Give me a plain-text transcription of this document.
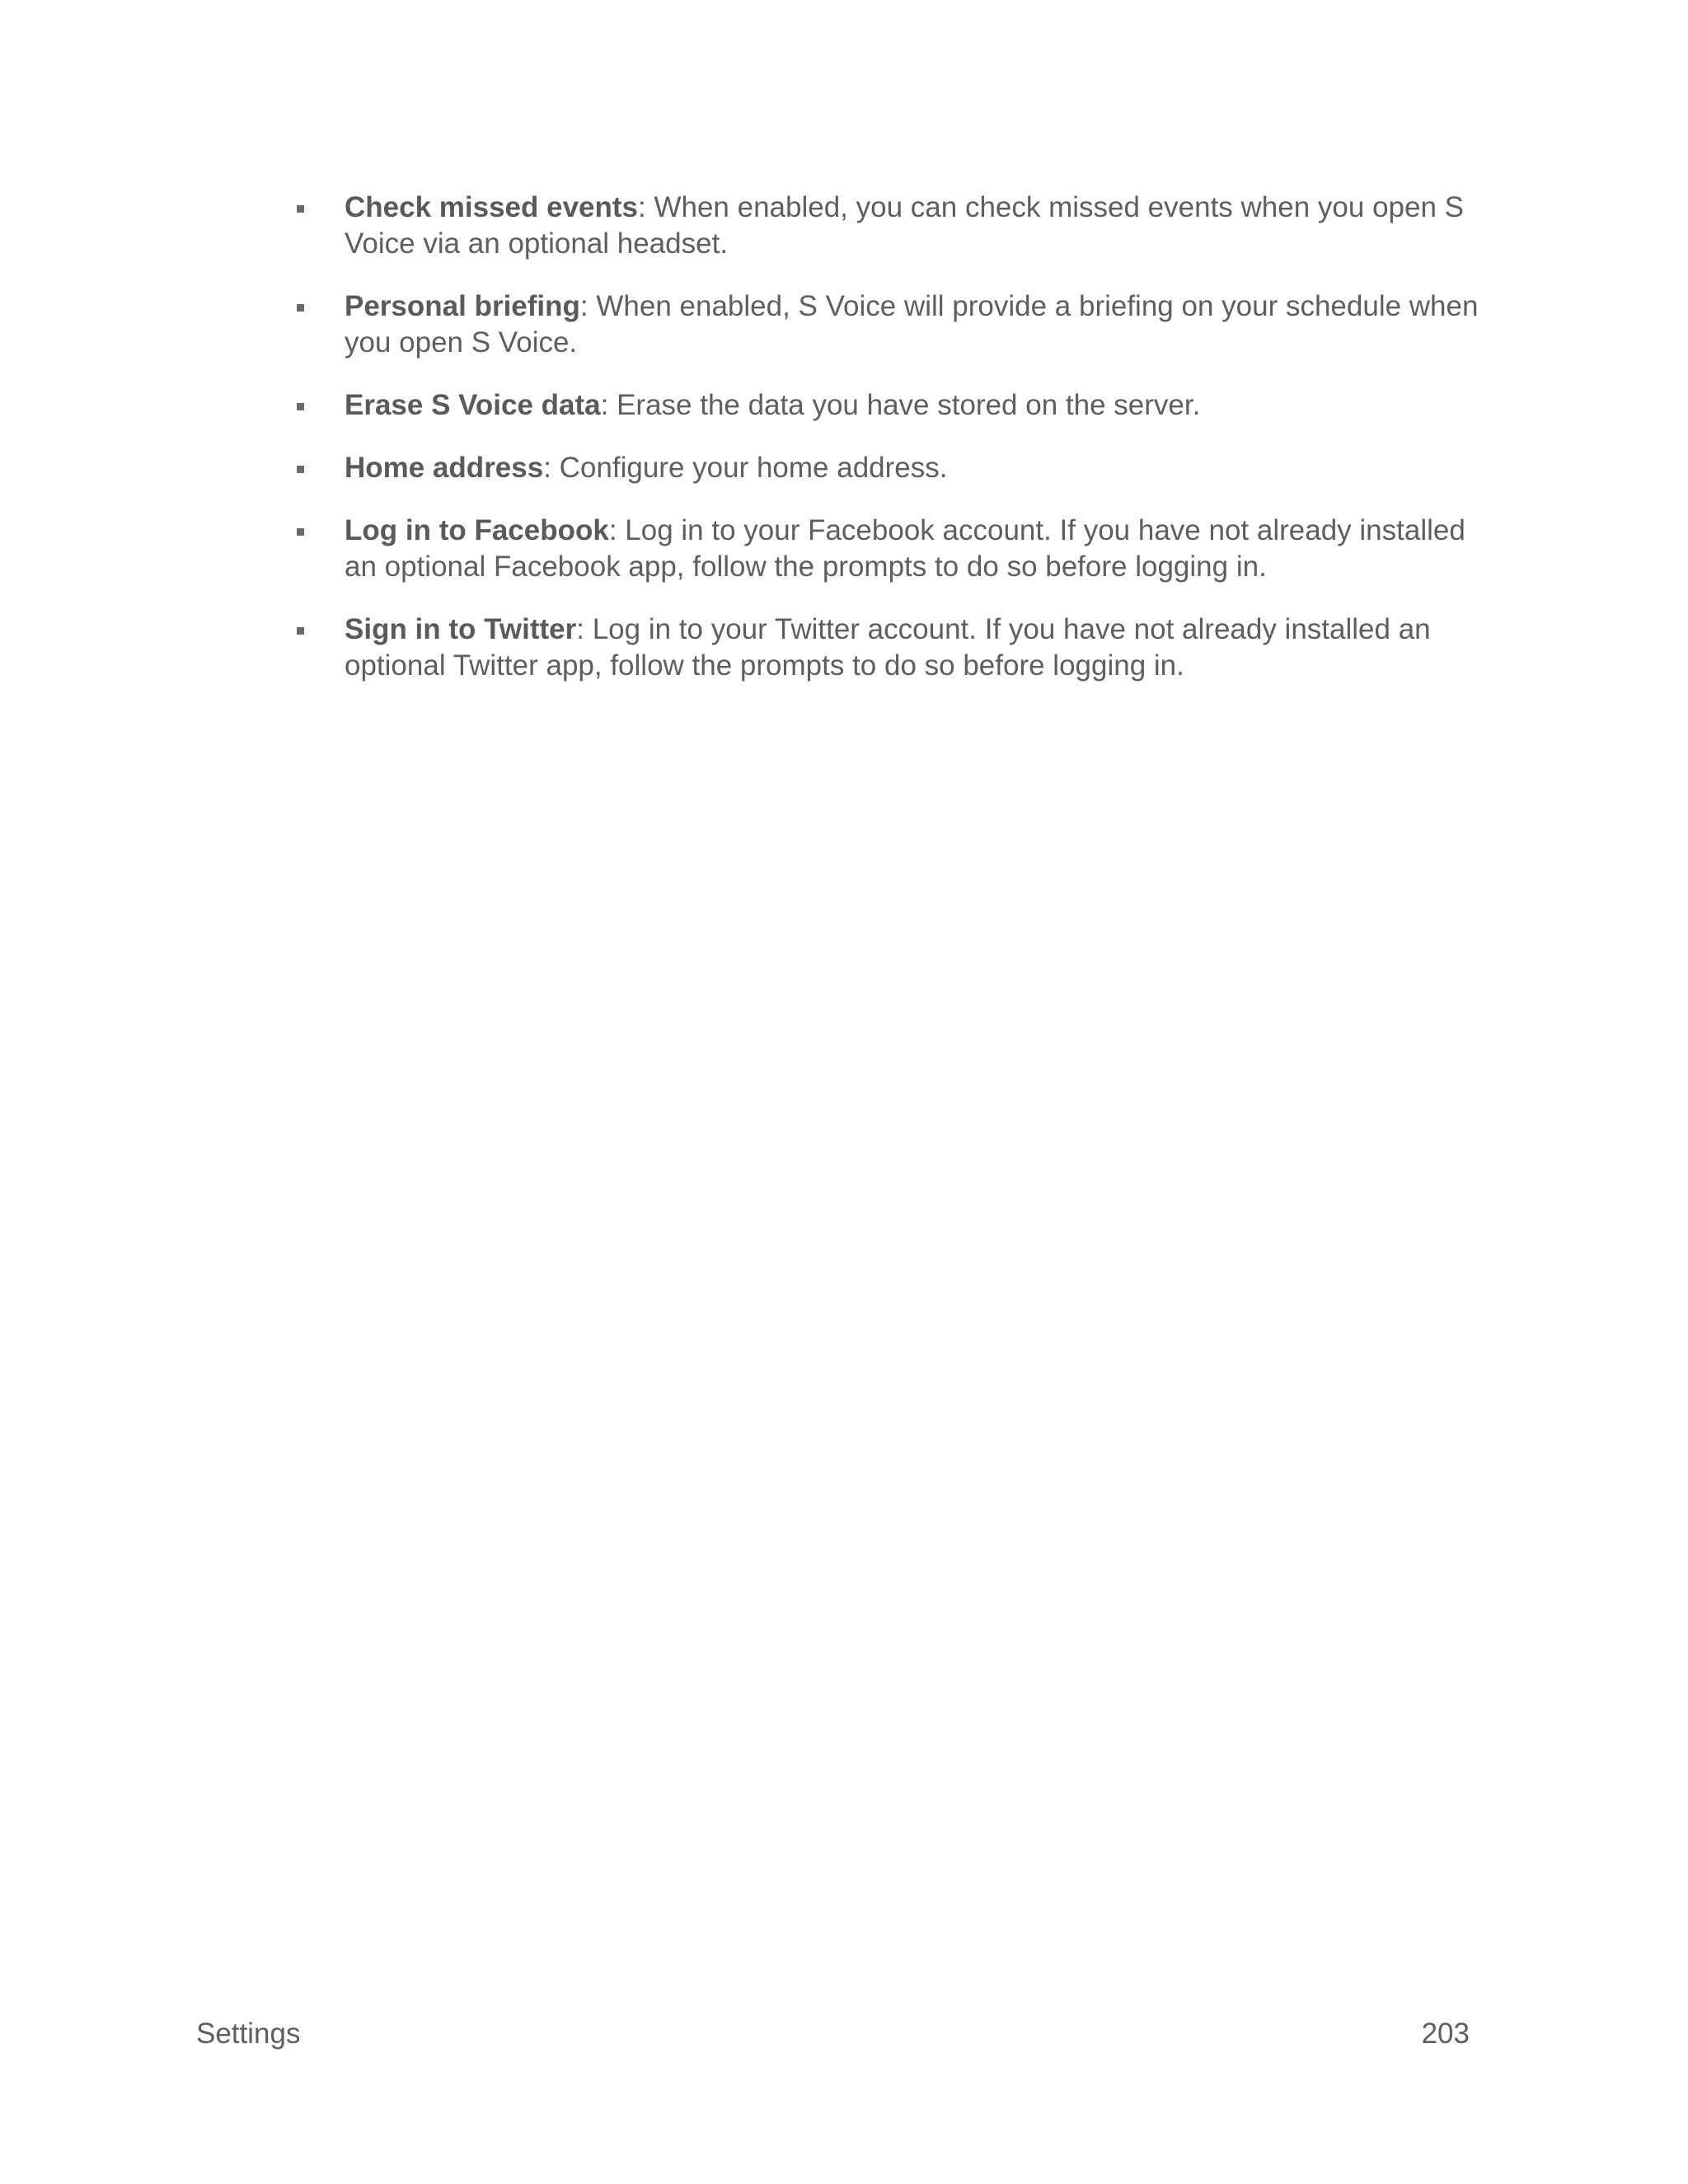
Check missed events: When enabled, you can check missed events when you open S Voice via an optional headset.
Personal briefing: When enabled, S Voice will provide a briefing on your schedule when you open S Voice.
Erase S Voice data: Erase the data you have stored on the server.
Home address: Configure your home address.
Log in to Facebook: Log in to your Facebook account. If you have not already installed an optional Facebook app, follow the prompts to do so before logging in.
Sign in to Twitter: Log in to your Twitter account. If you have not already installed an optional Twitter app, follow the prompts to do so before logging in.
Settings	203
